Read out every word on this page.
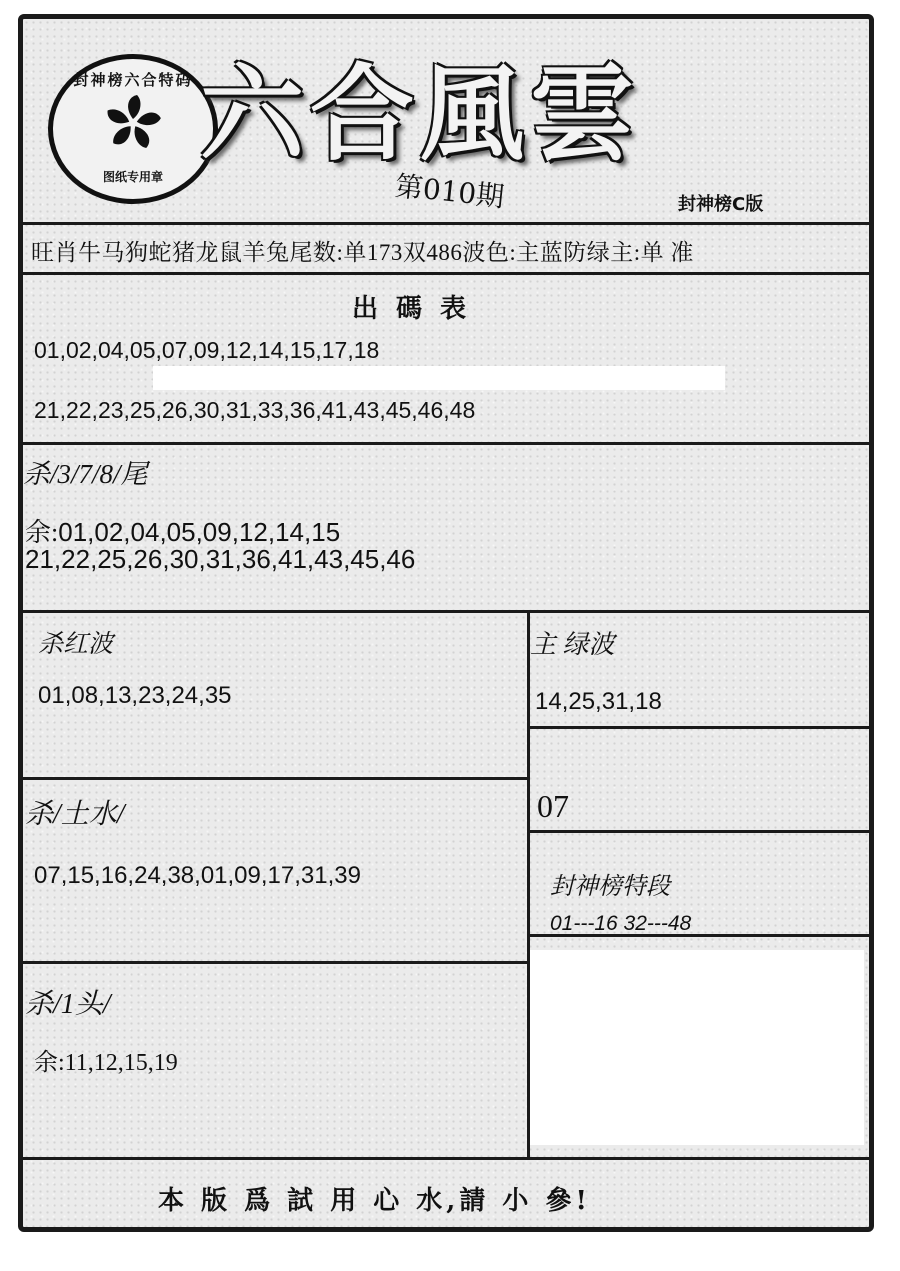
封神榜六合特码
图纸专用章
六合風雲
第010期	封神榜C版
旺肖牛马狗蛇猪龙鼠羊兔尾数:单173双486波色:主蓝防绿主:单 准
出碼表
01,02,04,05,07,09,12,14,15,17,18
21,22,23,25,26,30,31,33,36,41,43,45,46,48
杀/3/7/8/尾
余:01,02,04,05,09,12,14,15
21,22,25,26,30,31,36,41,43,45,46
杀红波
01,08,13,23,24,35
主 绿波
14,25,31,18
07
杀/土水/
07,15,16,24,38,01,09,17,31,39	封神榜特段
01---16 32---48
杀/1头/
余:11,12,15,19
本 版 爲 試 用 心 水,請 小 參!
